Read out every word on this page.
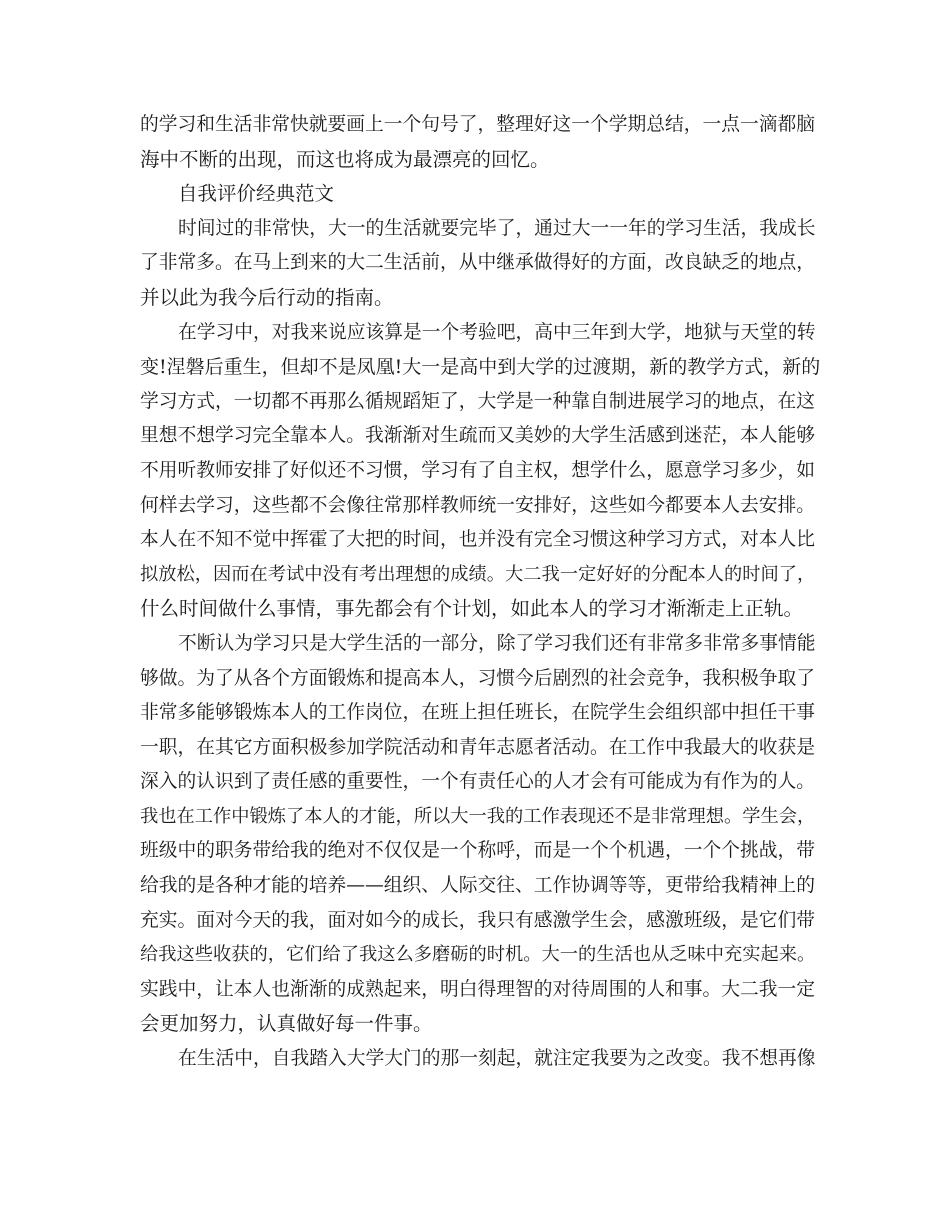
的学习和生活非常快就要画上一个句号了，整理好这一个学期总结，一点一滴都脑
海中不断的出现，而这也将成为最漂亮的回忆。
自我评价经典范文
时间过的非常快，大一的生活就要完毕了，通过大一一年的学习生活，我成长
了非常多。在马上到来的大二生活前，从中继承做得好的方面，改良缺乏的地点，
并以此为我今后行动的指南。
在学习中，对我来说应该算是一个考验吧，高中三年到大学，地狱与天堂的转
变!涅磐后重生，但却不是凤凰!大一是高中到大学的过渡期，新的教学方式，新的
学习方式，一切都不再那么循规蹈矩了，大学是一种靠自制进展学习的地点，在这
里想不想学习完全靠本人。我渐渐对生疏而又美妙的大学生活感到迷茫，本人能够
不用听教师安排了好似还不习惯，学习有了自主权，想学什么，愿意学习多少，如
何样去学习，这些都不会像往常那样教师统一安排好，这些如今都要本人去安排。
本人在不知不觉中挥霍了大把的时间，也并没有完全习惯这种学习方式，对本人比
拟放松，因而在考试中没有考出理想的成绩。大二我一定好好的分配本人的时间了，
什么时间做什么事情，事先都会有个计划，如此本人的学习才渐渐走上正轨。
不断认为学习只是大学生活的一部分，除了学习我们还有非常多非常多事情能
够做。为了从各个方面锻炼和提高本人，习惯今后剧烈的社会竞争，我积极争取了
非常多能够锻炼本人的工作岗位，在班上担任班长，在院学生会组织部中担任干事
一职，在其它方面积极参加学院活动和青年志愿者活动。在工作中我最大的收获是
深入的认识到了责任感的重要性，一个有责任心的人才会有可能成为有作为的人。
我也在工作中锻炼了本人的才能，所以大一我的工作表现还不是非常理想。学生会，
班级中的职务带给我的绝对不仅仅是一个称呼，而是一个个机遇，一个个挑战，带
给我的是各种才能的培养——组织、人际交往、工作协调等等，更带给我精神上的
充实。面对今天的我，面对如今的成长，我只有感激学生会，感激班级，是它们带
给我这些收获的，它们给了我这么多磨砺的时机。大一的生活也从乏味中充实起来。
实践中，让本人也渐渐的成熟起来，明白得理智的对待周围的人和事。大二我一定
会更加努力，认真做好每一件事。
在生活中，自我踏入大学大门的那一刻起，就注定我要为之改变。我不想再像
